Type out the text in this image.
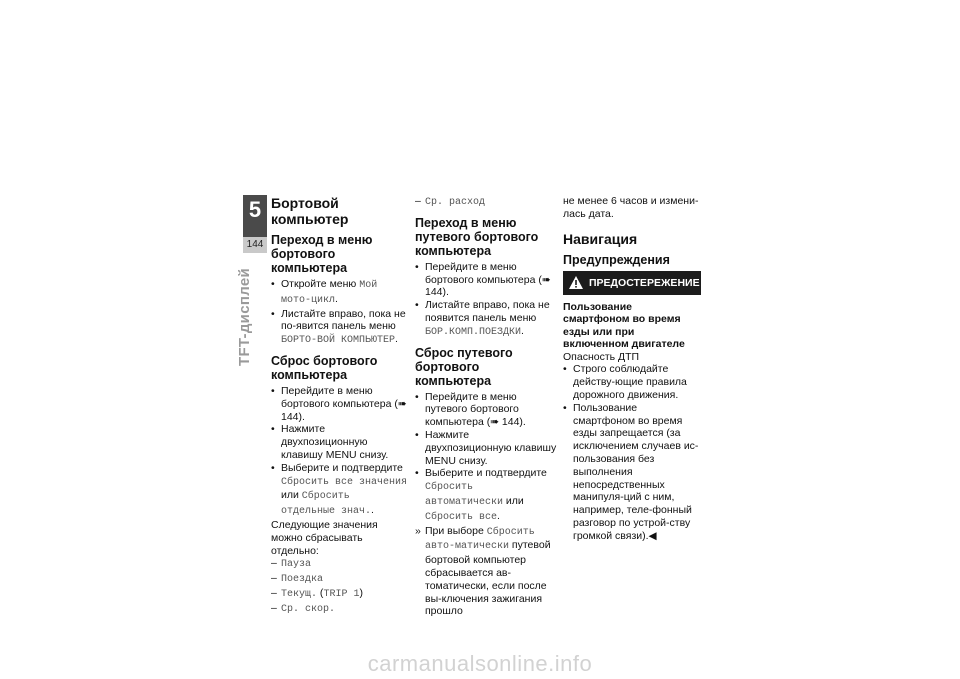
5
144
TFT-дисплей
Бортовой компьютер
Переход в меню бортового компьютера

• Откройте меню Мой мото-цикл.

• Листайте вправо, пока не по-явится панель меню БОРТО-ВОЙ КОМПЬЮТЕР.

Сброс бортового компьютера

• Перейдите в меню бортового компьютера (➠ 144).

• Нажмите двухпозиционную клавишу MENU снизу.

• Выберите и подтвердите Сбросить все значения или Сбросить отдельные знач..

Следующие значения можно сбрасывать отдельно:

– Пауза

– Поездка

– Текущ. (TRIP 1)

– Ср. скор.

– Ср. расход

Переход в меню путевого бортового компьютера

• Перейдите в меню бортового компьютера (➠ 144).

• Листайте вправо, пока не появится панель меню БОР.КОМП.ПОЕЗДКИ.

Сброс путевого бортового компьютера

• Перейдите в меню путевого бортового компьютера (➠ 144).

• Нажмите двухпозиционную клавишу MENU снизу.

• Выберите и подтвердите Сбросить автоматически или Сбросить все.

» При выборе Сбросить авто-матически путевой бортовой компьютер сбрасывается ав-томатически, если после вы-ключения зажигания прошло

не менее 6 часов и измени-лась дата.

Навигация
Предупреждения
ПРЕДОСТЕРЕЖЕНИЕ
Пользование смартфоном во время езды или при включенном двигателе

Опасность ДТП

• Строго соблюдайте действу-ющие правила дорожного движения.

• Пользование смартфоном во время езды запрещается (за исключением случаев ис-пользования без выполнения непосредственных манипуля-ций с ним, например, теле-фонный разговор по устрой-ству громкой связи).◀

carmanualsonline.info
